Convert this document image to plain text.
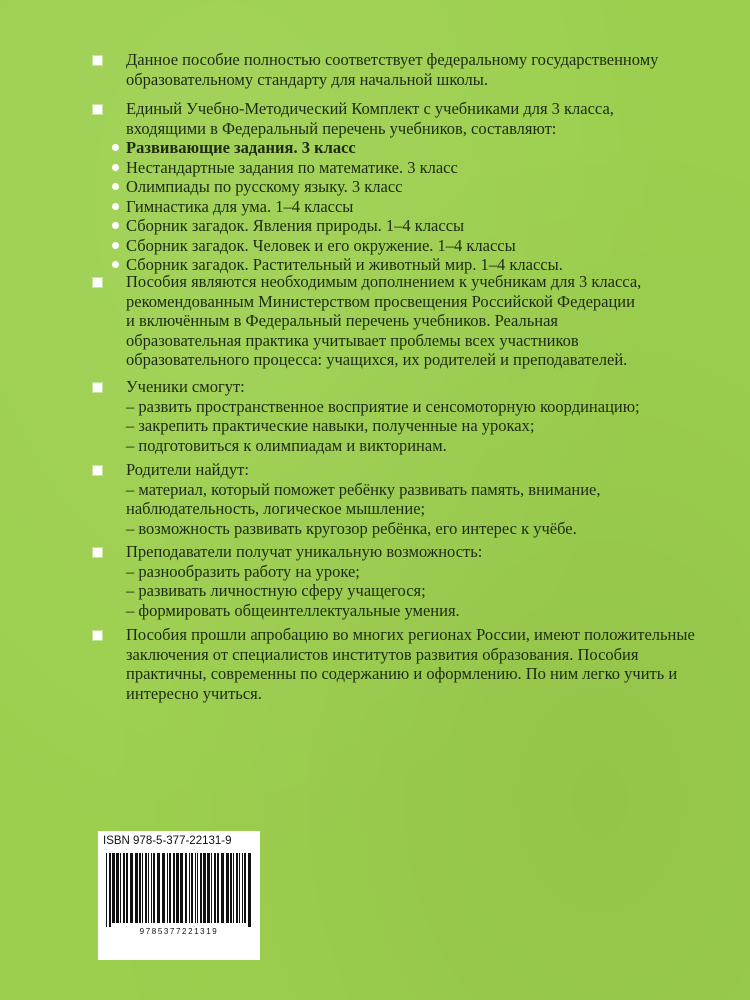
Данное пособие полностью соответствует федеральному государственному
образовательному стандарту для начальной школы.
Единый Учебно-Методический Комплект с учебниками для 3 класса,
входящими в Федеральный перечень учебников, составляют:
Развивающие задания. 3 класс
Нестандартные задания по математике. 3 класс
Олимпиады по русскому языку. 3 класс
Гимнастика для ума. 1–4 классы
Сборник загадок. Явления природы. 1–4 классы
Сборник загадок. Человек и его окружение. 1–4 классы
Сборник загадок. Растительный и животный мир. 1–4 классы.
Пособия являются необходимым дополнением к учебникам для 3 класса,
рекомендованным Министерством просвещения Российской Федерации
и включённым в Федеральный перечень учебников. Реальная
образовательная практика учитывает проблемы всех участников
образовательного процесса: учащихся, их родителей и преподавателей.
Ученики смогут:
– развить пространственное восприятие и сенсомоторную координацию;
– закрепить практические навыки, полученные на уроках;
– подготовиться к олимпиадам и викторинам.
Родители найдут:
– материал, который поможет ребёнку развивать память, внимание,
наблюдательность, логическое мышление;
– возможность развивать кругозор ребёнка, его интерес к учёбе.
Преподаватели получат уникальную возможность:
– разнообразить работу на уроке;
– развивать личностную сферу учащегося;
– формировать общеинтеллектуальные умения.
Пособия прошли апробацию во многих регионах России, имеют положительные
заключения от специалистов институтов развития образования. Пособия
практичны, современны по содержанию и оформлению. По ним легко учить и
интересно учиться.
ISBN 978-5-377-22131-9
9785377221319
